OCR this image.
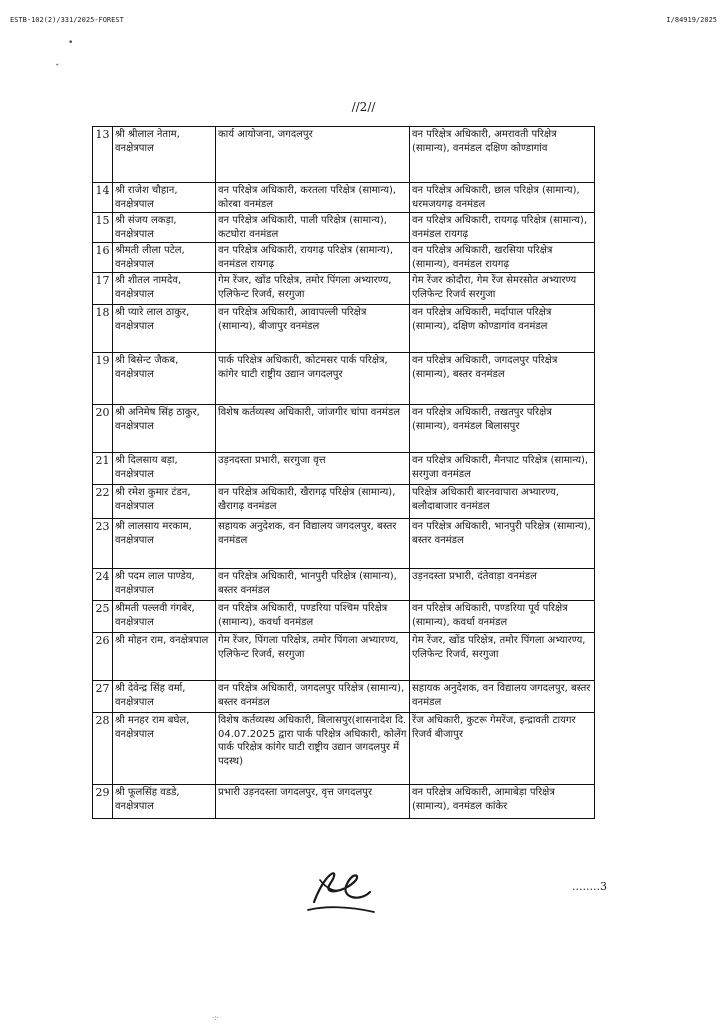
ESTB-102(2)/331/2025-FOREST	I/84919/2025
•
ˇ
//2//
13	श्री श्रीलाल नेताम, वनक्षेत्रपाल	कार्य आयोजना, जगदलपुर	वन परिक्षेत्र अधिकारी, अमरावती परिक्षेत्र (सामान्य), वनमंडल दक्षिण कोण्डागांव
14	श्री राजेश चौहान, वनक्षेत्रपाल	वन परिक्षेत्र अधिकारी, करतला परिक्षेत्र (सामान्य), कोरबा वनमंडल	वन परिक्षेत्र अधिकारी, छाल परिक्षेत्र (सामान्य), धरमजयगढ़ वनमंडल
15	श्री संजय लकड़ा, वनक्षेत्रपाल	वन परिक्षेत्र अधिकारी, पाली परिक्षेत्र (सामान्य), कटघोरा वनमंडल	वन परिक्षेत्र अधिकारी, रायगढ़ परिक्षेत्र (सामान्य), वनमंडल रायगढ़
16	श्रीमती लीला पटेल, वनक्षेत्रपाल	वन परिक्षेत्र अधिकारी, रायगढ़ परिक्षेत्र (सामान्य), वनमंडल रायगढ़	वन परिक्षेत्र अधिकारी, खरसिया परिक्षेत्र (सामान्य), वनमंडल रायगढ़
17	श्री शीतल नामदेव, वनक्षेत्रपाल	गेम रेंजर, खोंड परिक्षेत्र, तमोर पिंगला अभ्यारण्य, एलिफेन्ट रिजर्व, सरगुजा	गेम रेंजर कोदौरा, गेम रेंज सेमरसोत अभ्यारण्य एलिफेन्ट रिजर्व सरगुजा
18	श्री प्यारे लाल ठाकुर, वनक्षेत्रपाल	वन परिक्षेत्र अधिकारी, आवापल्ली परिक्षेत्र (सामान्य), बीजापुर वनमंडल	वन परिक्षेत्र अधिकारी, मर्दापाल परिक्षेत्र (सामान्य), दक्षिण कोण्डागांव वनमंडल
19	श्री बिसेन्ट जैकब, वनक्षेत्रपाल	पार्क परिक्षेत्र अधिकारी, कोटमसर पार्क परिक्षेत्र, कांगेर घाटी राष्ट्रीय उद्यान जगदलपुर	वन परिक्षेत्र अधिकारी, जगदलपुर परिक्षेत्र (सामान्य), बस्तर वनमंडल
20	श्री अनिमेष सिंह ठाकुर, वनक्षेत्रपाल	विशेष कर्तव्यस्थ अधिकारी, जांजगीर चांपा वनमंडल	वन परिक्षेत्र अधिकारी, तखतपुर परिक्षेत्र (सामान्य), वनमंडल बिलासपुर
21	श्री दिलसाय बड़ा, वनक्षेत्रपाल	उड़नदस्ता प्रभारी, सरगुजा वृत्त	वन परिक्षेत्र अधिकारी, मैनपाट परिक्षेत्र (सामान्य), सरगुजा वनमंडल
22	श्री रमेश कुमार टंडन, वनक्षेत्रपाल	वन परिक्षेत्र अधिकारी, खैरागढ़ परिक्षेत्र (सामान्य), खैरागढ़ वनमंडल	परिक्षेत्र अधिकारी बारनवापारा अभ्यारण्य, बलौदाबाजार वनमंडल
23	श्री लालसाय मरकाम, वनक्षेत्रपाल	सहायक अनुदेशक, वन विद्यालय जगदलपुर, बस्तर वनमंडल	वन परिक्षेत्र अधिकारी, भानपुरी परिक्षेत्र (सामान्य), बस्तर वनमंडल
24	श्री पदम लाल पाण्डेय, वनक्षेत्रपाल	वन परिक्षेत्र अधिकारी, भानपुरी परिक्षेत्र (सामान्य), बस्तर वनमंडल	उड़नदस्ता प्रभारी, दंतेवाड़ा वनमंडल
25	श्रीमती पल्लवी गंगबेर, वनक्षेत्रपाल	वन परिक्षेत्र अधिकारी, पण्डरिया पश्चिम परिक्षेत्र (सामान्य), कवर्धा वनमंडल	वन परिक्षेत्र अधिकारी, पण्डरिया पूर्व परिक्षेत्र (सामान्य), कवर्धा वनमंडल
26	श्री मोहन राम, वनक्षेत्रपाल	गेम रेंजर, पिंगला परिक्षेत्र, तमोर पिंगला अभ्यारण्य, एलिफेन्ट रिजर्व, सरगुजा	गेम रेंजर, खोंड परिक्षेत्र, तमोर पिंगला अभ्यारण्य, एलिफेन्ट रिजर्व, सरगुजा
27	श्री देवेन्द्र सिंह वर्मा, वनक्षेत्रपाल	वन परिक्षेत्र अधिकारी, जगदलपुर परिक्षेत्र (सामान्य), बस्तर वनमंडल	सहायक अनुदेशक, वन विद्यालय जगदलपुर, बस्तर वनमंडल
28	श्री मनहर राम बघेल, वनक्षेत्रपाल	विशेष कर्तव्यस्थ अधिकारी, बिलासपुर(शासनादेश दि. 04.07.2025 द्वारा पार्क परिक्षेत्र अधिकारी, कोलेंग पार्क परिक्षेत्र कांगेर घाटी राष्ट्रीय उद्यान जगदलपुर में पदस्थ)	रेंज अधिकारी, कुटरू गेमरेंज, इन्द्रावती टायगर रिजर्व बीजापुर
29	श्री फूलसिंह वडडे, वनक्षेत्रपाल	प्रभारी उड़नदस्ता जगदलपुर, वृत्त जगदलपुर	वन परिक्षेत्र अधिकारी, आमाबेड़ा परिक्षेत्र (सामान्य), वनमंडल कांकेर
........3
·:·
